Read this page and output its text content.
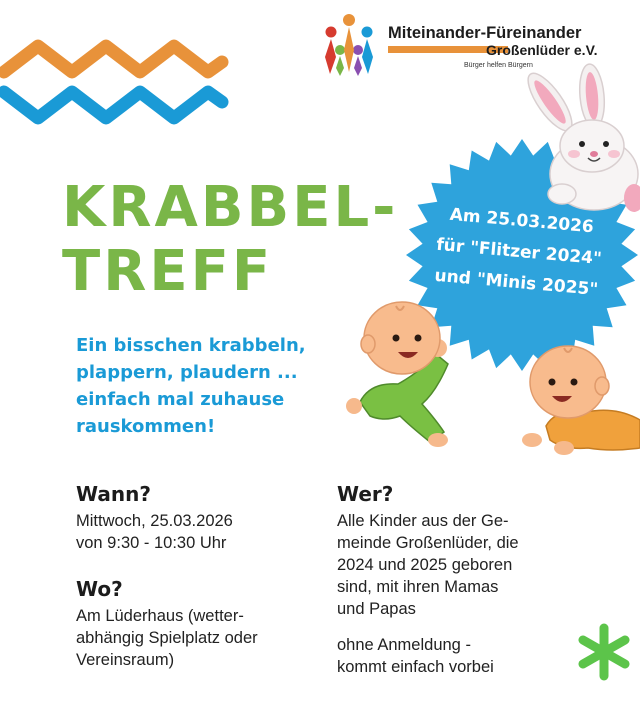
Miteinander-Füreinander
Großenlüder e.V.
Bürger helfen Bürgern
Am 25.03.2026
für "Flitzer 2024"
und "Minis 2025"
KRABBEL-
TREFF
Ein bisschen krabbeln,
plappern, plaudern ...
einfach mal zuhause
rauskommen!
Wann?
Mittwoch, 25.03.2026
von 9:30 - 10:30 Uhr
Wo?
Am Lüderhaus (wetter-
abhängig Spielplatz oder
Vereinsraum)
Wer?
Alle Kinder aus der Ge-
meinde Großenlüder, die
2024 und 2025 geboren
sind, mit ihren Mamas
und Papas
ohne Anmeldung -
kommt einfach vorbei
